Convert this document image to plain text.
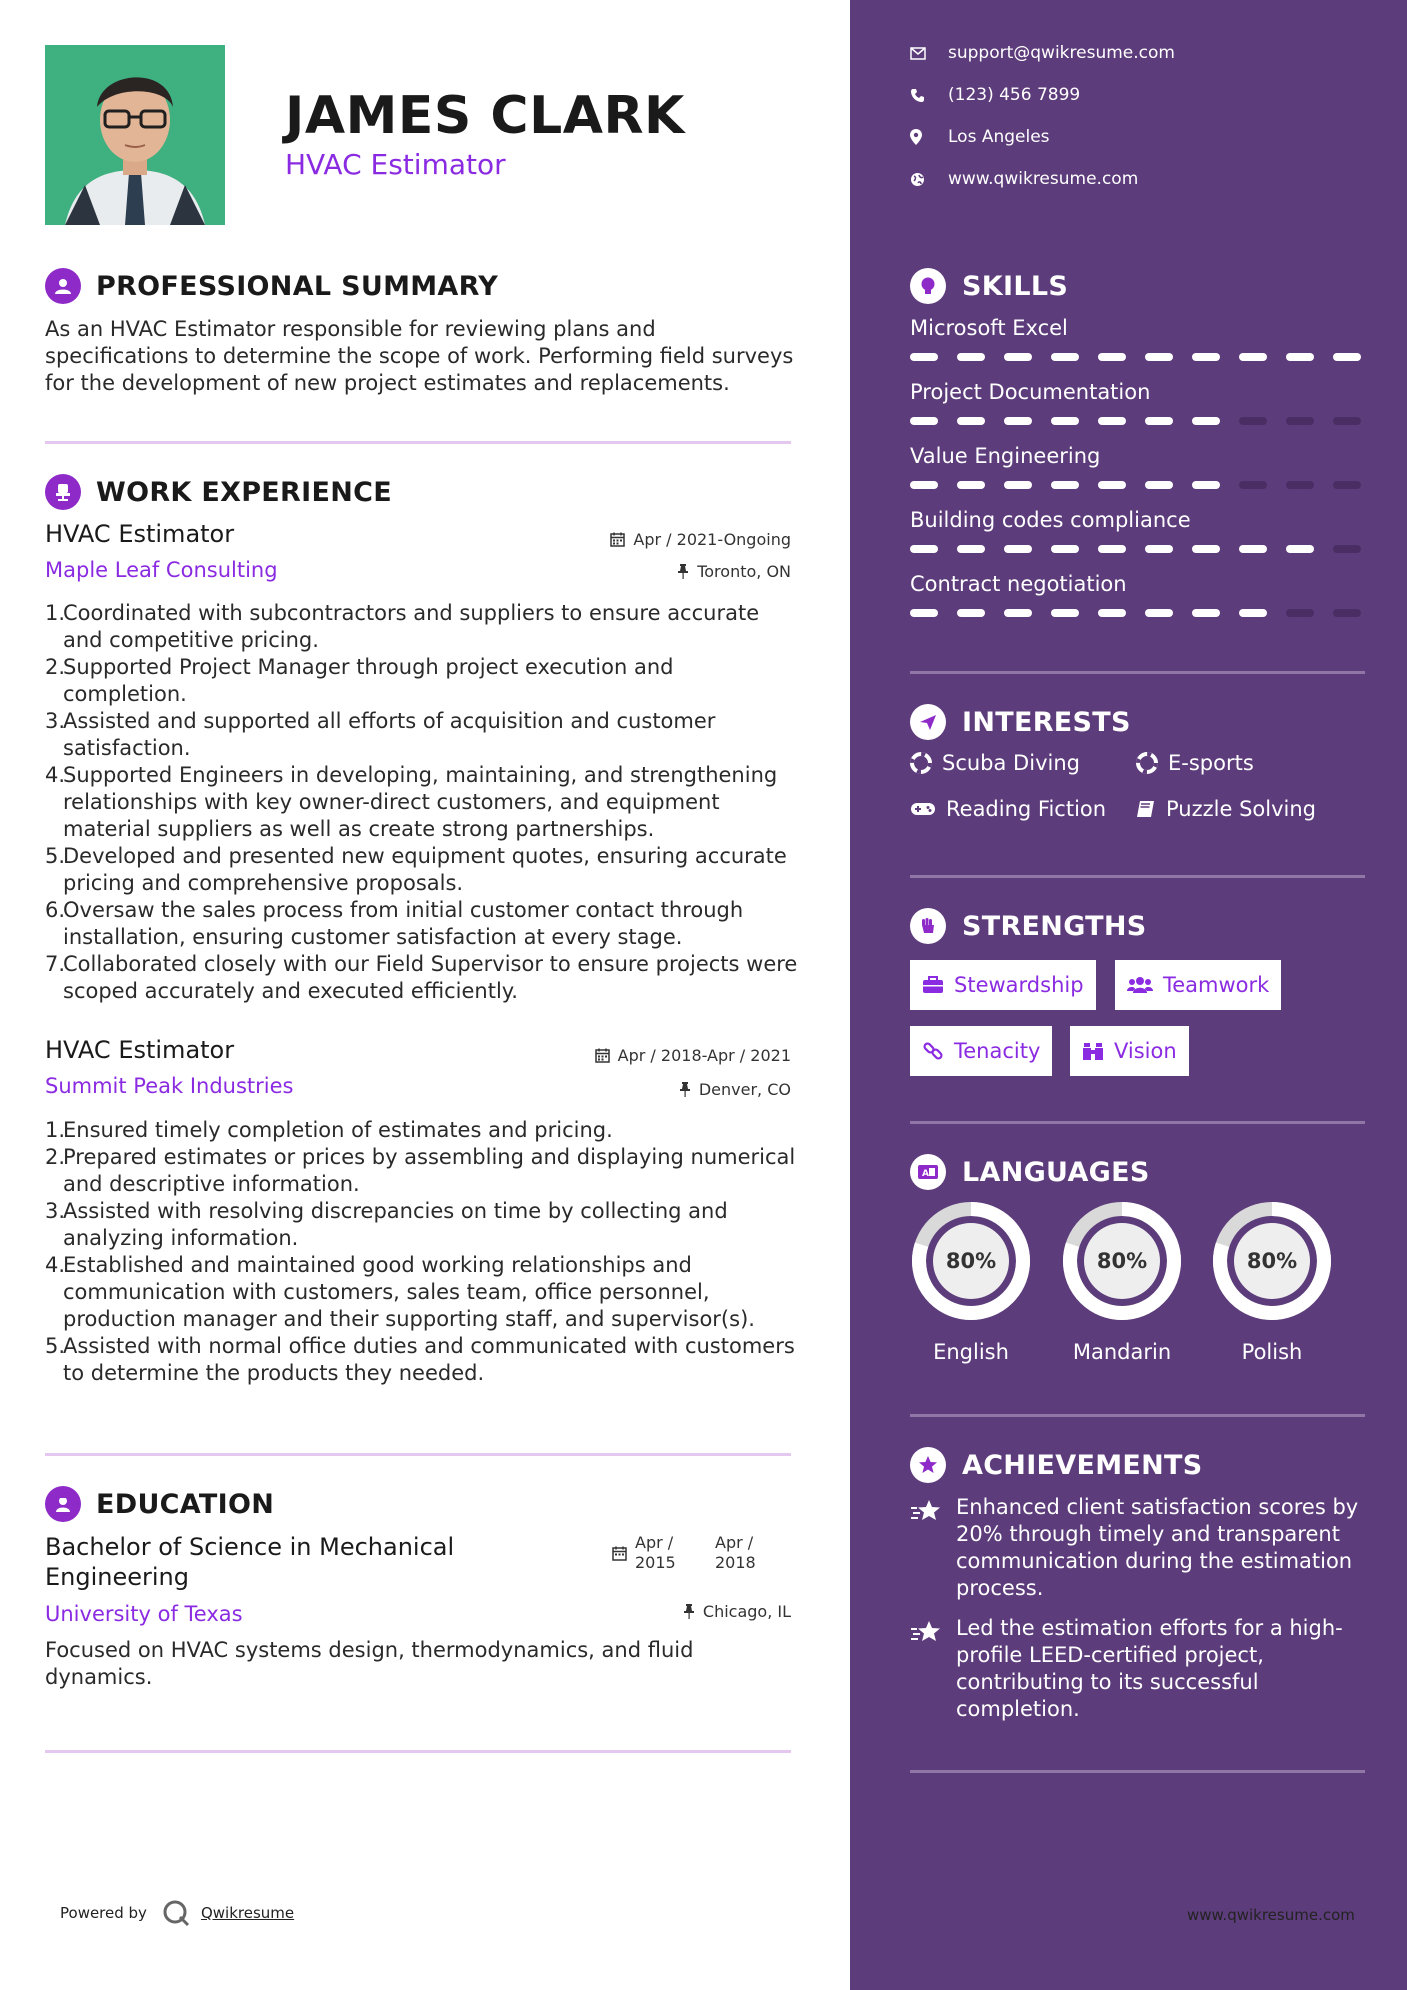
JAMES CLARK
HVAC Estimator
PROFESSIONAL SUMMARY
As an HVAC Estimator responsible for reviewing plans and specifications to determine the scope of work. Performing field surveys for the development of new project estimates and replacements.
WORK EXPERIENCE
HVAC Estimator
Maple Leaf Consulting
Apr / 2021-Ongoing
Toronto, ON
1.
Coordinated with subcontractors and suppliers to ensure accurate and competitive pricing.
2.
Supported Project Manager through project execution and completion.
3.
Assisted and supported all efforts of acquisition and customer satisfaction.
4.
Supported Engineers in developing, maintaining, and strengthening relationships with key owner-direct customers, and equipment material suppliers as well as create strong partnerships.
5.
Developed and presented new equipment quotes, ensuring accurate pricing and comprehensive proposals.
6.
Oversaw the sales process from initial customer contact through installation, ensuring customer satisfaction at every stage.
7.
Collaborated closely with our Field Supervisor to ensure projects were scoped accurately and executed efficiently.
HVAC Estimator
Summit Peak Industries
Apr / 2018-Apr / 2021
Denver, CO
1.
Ensured timely completion of estimates and pricing.
2.
Prepared estimates or prices by assembling and displaying numerical and descriptive information.
3.
Assisted with resolving discrepancies on time by collecting and analyzing information.
4.
Established and maintained good working relationships and communication with customers, sales team, office personnel, production manager and their supporting staff, and supervisor(s).
5.
Assisted with normal office duties and communicated with customers to determine the products they needed.
EDUCATION
Bachelor of Science in Mechanical Engineering
University of Texas
Apr /
2015
Apr /
2018
Chicago, IL
Focused on HVAC systems design, thermodynamics, and fluid dynamics.
Powered by	Qwikresume
support@qwikresume.com
(123) 456 7899
Los Angeles
www.qwikresume.com
SKILLS
Microsoft Excel
Project Documentation
Value Engineering
Building codes compliance
Contract negotiation
INTERESTS
Scuba Diving	E-sports
Reading Fiction	Puzzle Solving
STRENGTHS
Stewardship	Teamwork
Tenacity	Vision
A LANGUAGES
80%
English
80%
Mandarin
80%
Polish
ACHIEVEMENTS
Enhanced client satisfaction scores by 20% through timely and transparent communication during the estimation process.
Led the estimation efforts for a high-profile LEED-certified project, contributing to its successful completion.
www.qwikresume.com
